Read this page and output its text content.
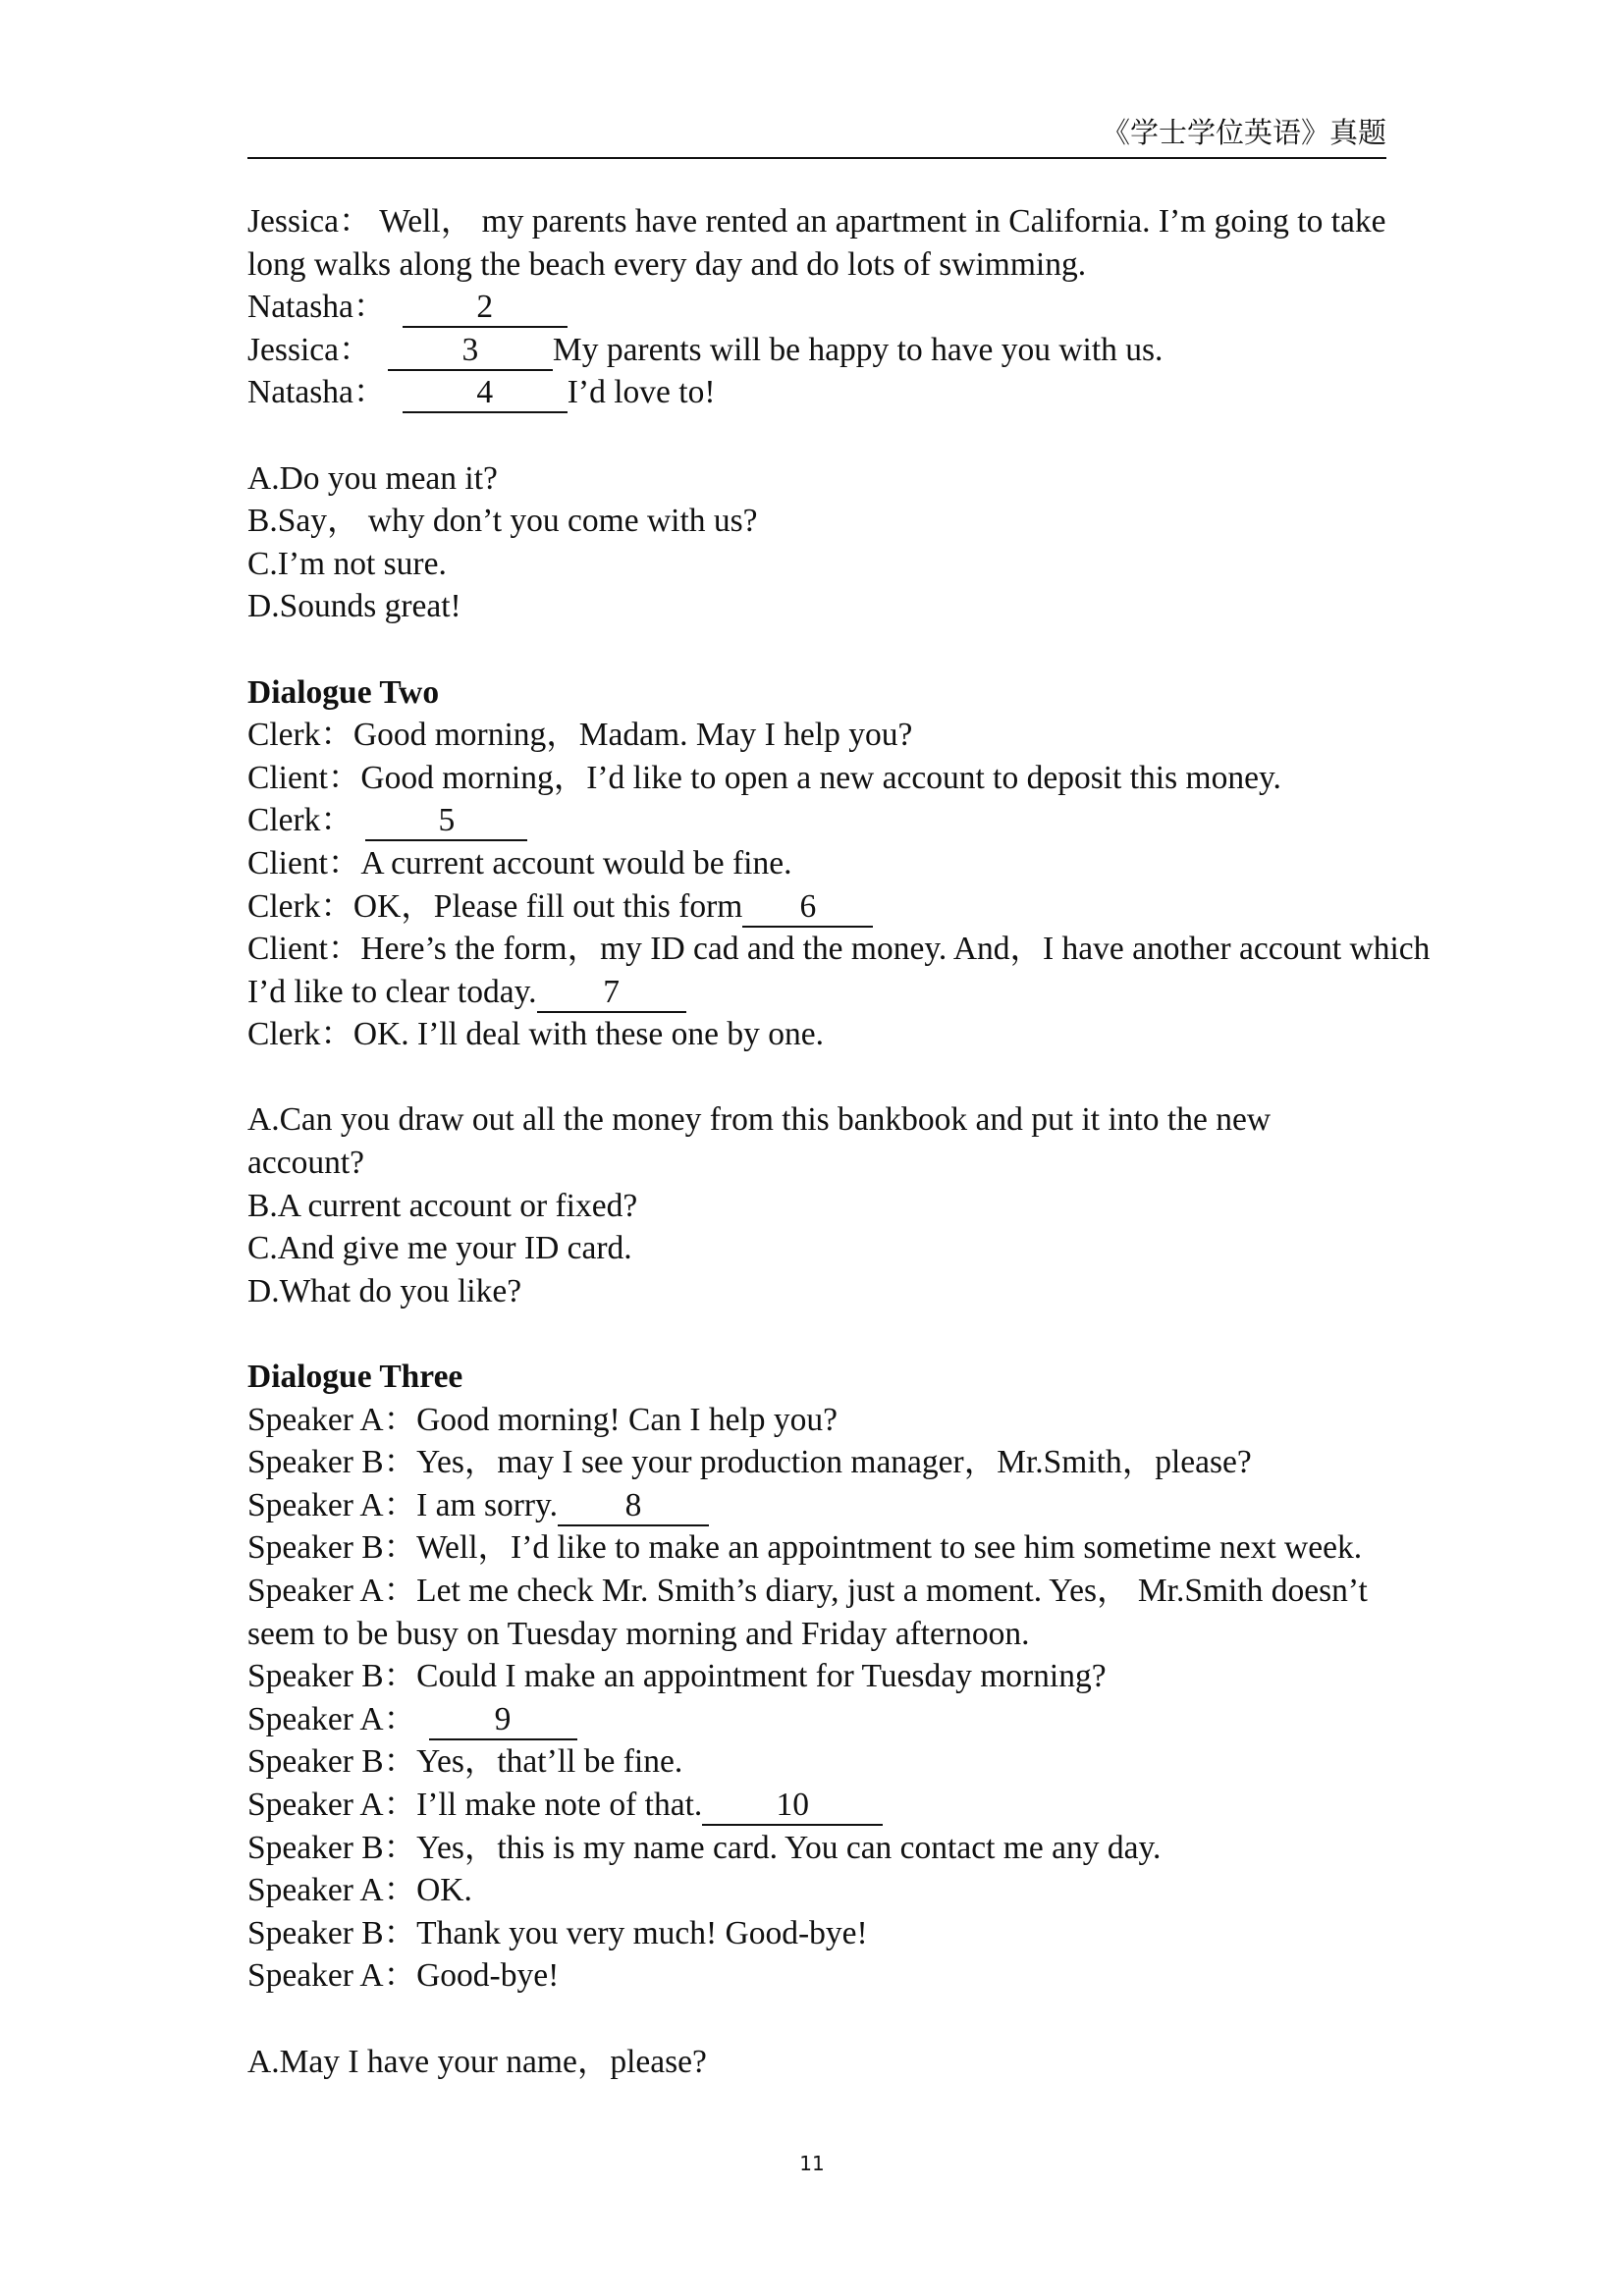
《学士学位英语》真题
Jessica： Well， my parents have rented an apartment in California. I’m going to take
long walks along the beach every day and do lots of swimming.
Natasha：	2
Jessica：	3 My parents will be happy to have you with us.
Natasha：	4 I’d love to!
A.Do you mean it?
B.Say， why don’t you come with us?
C.I’m not sure.
D.Sounds great!
Dialogue Two
Clerk：Good morning，Madam. May I help you?
Client：Good morning，I’d like to open a new account to deposit this money.
Clerk：	5
Client：A current account would be fine.
Clerk：OK，Please fill out this form 6
Client：Here’s the form，my ID cad and the money. And，I have another account which
I’d like to clear today. 7
Clerk：OK. I’ll deal with these one by one.
A.Can you draw out all the money from this bankbook and put it into the new
account?
B.A current account or fixed?
C.And give me your ID card.
D.What do you like?
Dialogue Three
Speaker A：Good morning! Can I help you?
Speaker B：Yes，may I see your production manager，Mr.Smith，please?
Speaker A：I am sorry. 8
Speaker B：Well，I’d like to make an appointment to see him sometime next week.
Speaker A：Let me check Mr. Smith’s diary, just a moment. Yes， Mr.Smith doesn’t
seem to be busy on Tuesday morning and Friday afternoon.
Speaker B：Could I make an appointment for Tuesday morning?
Speaker A： 9
Speaker B：Yes，that’ll be fine.
Speaker A：I’ll make note of that. 10
Speaker B：Yes，this is my name card. You can contact me any day.
Speaker A：OK.
Speaker B：Thank you very much! Good-bye!
Speaker A：Good-bye!
A.May I have your name，please?
11
